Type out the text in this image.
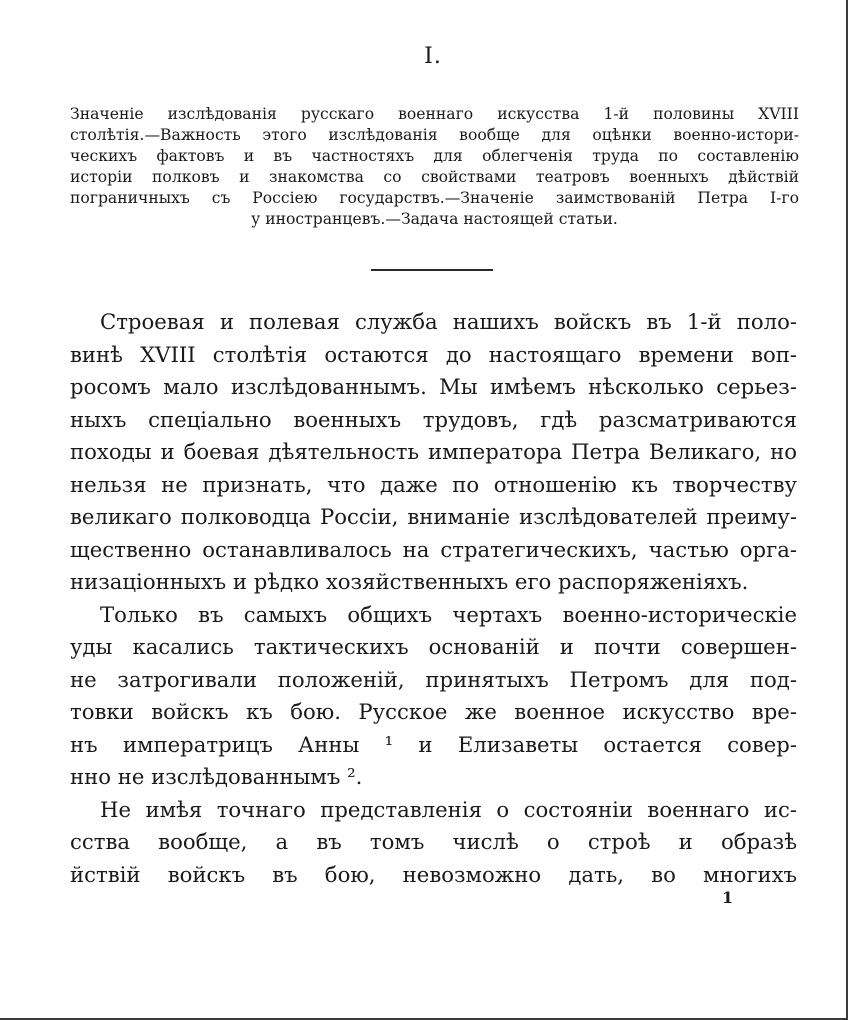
I.
Значеніе изслѣдованія русскаго военнаго искусства 1-й половины XVIII
столѣтія.—Важность этого изслѣдованія вообще для оцѣнки военно-истори-
ческихъ фактовъ и въ частностяхъ для облегченія труда по составленію
исторіи полковъ и знакомства со свойствами театровъ военныхъ дѣйствій
пограничныхъ съ Россіею государствъ.—Значеніе заимствованій Петра I-го
у иностранцевъ.—Задача настоящей статьи.
Строевая и полевая служба нашихъ войскъ въ 1-й поло-
винѣ XVIII столѣтія остаются до настоящаго времени воп-
росомъ мало изслѣдованнымъ. Мы имѣемъ нѣсколько серьез-
ныхъ спеціально военныхъ трудовъ, гдѣ разсматриваются
походы и боевая дѣятельность императора Петра Великаго, но
нельзя не признать, что даже по отношенію къ творчеству
великаго полководца Россіи, вниманіе изслѣдователей преиму-
щественно останавливалось на стратегическихъ, частью орга-
низаціонныхъ и рѣдко хозяйственныхъ его распоряженіяхъ.
Только въ самыхъ общихъ чертахъ военно-историческіе
уды касались тактическихъ основаній и почти совершен-
не затрогивали положеній, принятыхъ Петромъ для под-
товки войскъ къ бою. Русское же военное искусство вре-
нъ императрицъ Анны ¹ и Елизаветы остается совер-
нно не изслѣдованнымъ ².
Не имѣя точнаго представленія о состояніи военнаго ис-
сства вообще, а въ томъ числѣ о строѣ и образѣ
йствій войскъ въ бою, невозможно дать, во многихъ
1
